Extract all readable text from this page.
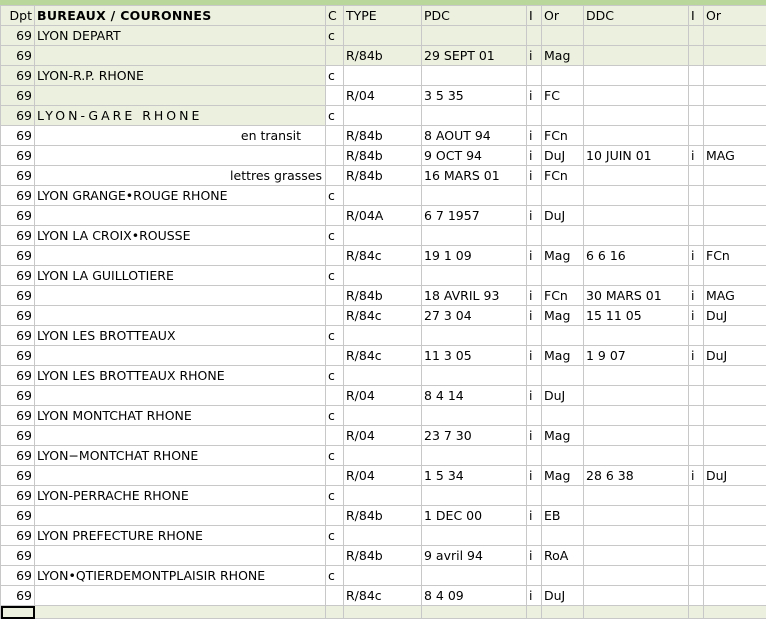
Dpt	BUREAUX / COURONNES	C	TYPE	PDC	I	Or	DDC	I	Or
69	LYON DEPART	c							
69			R/84b	29 SEPT 01	i	Mag			
69	LYON-R.P. RHONE	c							
69			R/04	3 5 35	i	FC			
69	LYON-GARE RHONE	c							
69	en transit		R/84b	8 AOUT 94	i	FCn			
69			R/84b	9 OCT 94	i	DuJ	10 JUIN 01	i	MAG
69	lettres grasses		R/84b	16 MARS 01	i	FCn			
69	LYON GRANGE•ROUGE RHONE	c							
69			R/04A	6 7 1957	i	DuJ			
69	LYON LA CROIX•ROUSSE	c							
69			R/84c	19 1 09	i	Mag	6 6 16	i	FCn
69	LYON LA GUILLOTIERE	c							
69			R/84b	18 AVRIL 93	i	FCn	30 MARS 01	i	MAG
69			R/84c	27 3 04	i	Mag	15 11 05	i	DuJ
69	LYON LES BROTTEAUX	c							
69			R/84c	11 3 05	i	Mag	1 9 07	i	DuJ
69	LYON LES BROTTEAUX RHONE	c							
69			R/04	8 4 14	i	DuJ			
69	LYON MONTCHAT RHONE	c							
69			R/04	23 7 30	i	Mag			
69	LYON−MONTCHAT RHONE	c							
69			R/04	1 5 34	i	Mag	28 6 38	i	DuJ
69	LYON-PERRACHE RHONE	c							
69			R/84b	1 DEC 00	i	EB			
69	LYON PREFECTURE RHONE	c							
69			R/84b	9 avril 94	i	RoA			
69	LYON•QTIERDEMONTPLAISIR RHONE	c							
69			R/84c	8 4 09	i	DuJ			
